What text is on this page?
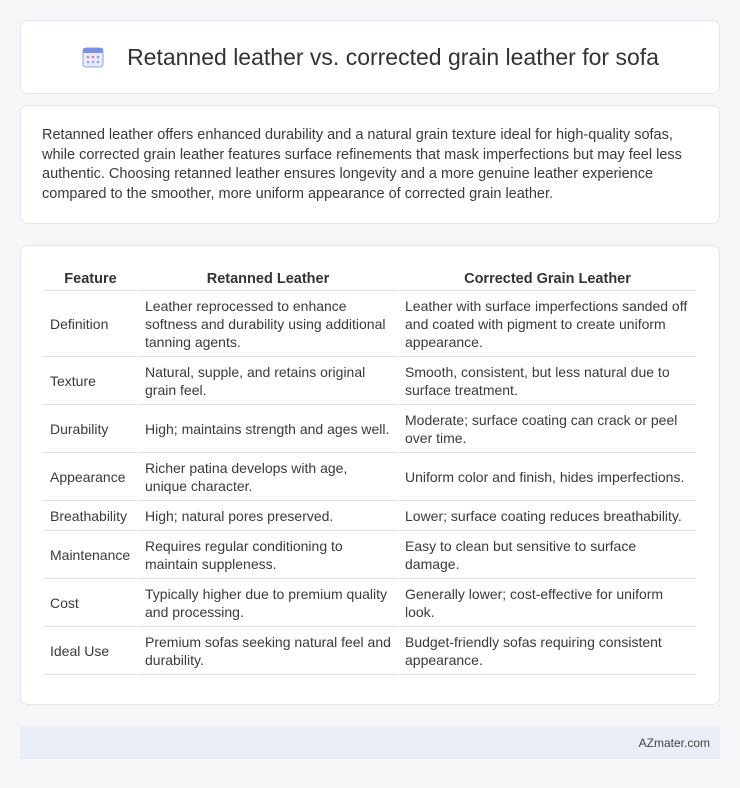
Retanned leather vs. corrected grain leather for sofa

Retanned leather offers enhanced durability and a natural grain texture ideal for high-quality sofas, while corrected grain leather features surface refinements that mask imperfections but may feel less authentic. Choosing retanned leather ensures longevity and a more genuine leather experience compared to the smoother, more uniform appearance of corrected grain leather.

Feature	Retanned Leather	Corrected Grain Leather
Definition	Leather reprocessed to enhance softness and durability using additional tanning agents.	Leather with surface imperfections sanded off and coated with pigment to create uniform appearance.
Texture	Natural, supple, and retains original grain feel.	Smooth, consistent, but less natural due to surface treatment.
Durability	High; maintains strength and ages well.	Moderate; surface coating can crack or peel over time.
Appearance	Richer patina develops with age, unique character.	Uniform color and finish, hides imperfections.
Breathability	High; natural pores preserved.	Lower; surface coating reduces breathability.
Maintenance	Requires regular conditioning to maintain suppleness.	Easy to clean but sensitive to surface damage.
Cost	Typically higher due to premium quality and processing.	Generally lower; cost-effective for uniform look.
Ideal Use	Premium sofas seeking natural feel and durability.	Budget-friendly sofas requiring consistent appearance.
AZmater.com
